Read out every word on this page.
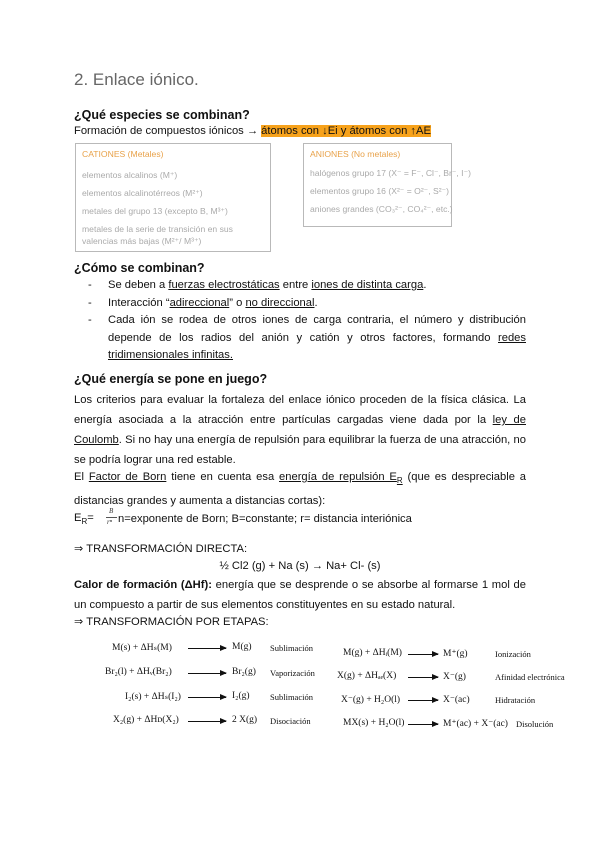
2. Enlace iónico.
¿Qué especies se combinan?
Formación de compuestos iónicos → átomos con ↓Ei y átomos con ↑AE
CATIONES (Metales)
elementos alcalinos (M⁺)
elementos alcalinotérreos (M²⁺)
metales del grupo 13 (excepto B, M³⁺)
metales de la serie de transición en sus
valencias más bajas (M²⁺/ M³⁺)
ANIONES (No metales)
halógenos grupo 17 (X⁻ = F⁻, Cl⁻, Br⁻, I⁻)
elementos grupo 16 (X²⁻ = O²⁻, S²⁻)
aniones grandes (CO₃²⁻, CO₄²⁻, etc.)
¿Cómo se combinan?
- Se deben a fuerzas electrostáticas entre iones de distinta carga.
- Interacción “adireccional” o no direccional.
- Cada ión se rodea de otros iones de carga contraria, el número y distribución depende de los radios del anión y catión y otros factores, formando redes tridimensionales infinitas.
¿Qué energía se pone en juego?
Los criterios para evaluar la fortaleza del enlace iónico proceden de la física clásica. La energía asociada a la atracción entre partículas cargadas viene dada por la ley de Coulomb. Si no hay una energía de repulsión para equilibrar la fuerza de una atracción, no se podría lograr una red estable.
El Factor de Born tiene en cuenta esa energía de repulsión $E_R$ (que es despreciable a distancias grandes y aumenta a distancias cortas):
$E_R=$
B
rⁿ n=exponente de Born; B=constante; r= distancia interiónica
⇒ TRANSFORMACIÓN DIRECTA:
½ Cl2 (g) + Na (s) → Na+ Cl- (s)
Calor de formación (ΔHf): energía que se desprende o se absorbe al formarse 1 mol de un compuesto a partir de sus elementos constituyentes en su estado natural.
⇒ TRANSFORMACIÓN POR ETAPAS:
M(s) + ΔHₛ(M)	M(g) Sublimación
Br₂(l) + ΔHᵥ(Br₂)	Br₂(g) Vaporización
I₂(s) + ΔHₛ(I₂)	I₂(g) Sublimación
X₂(g) + ΔHᴅ(X₂)	2 X(g) Disociación
M(g) + ΔHᵢ(M)	M⁺(g)	Ionización
X(g) + ΔHₐₑ(X)	X⁻(g)	Afinidad electrónica
X⁻(g) + H₂O(l)	X⁻(ac)	Hidratación
MX(s) + H₂O(l)	M⁺(ac) + X⁻(ac) Disolución
